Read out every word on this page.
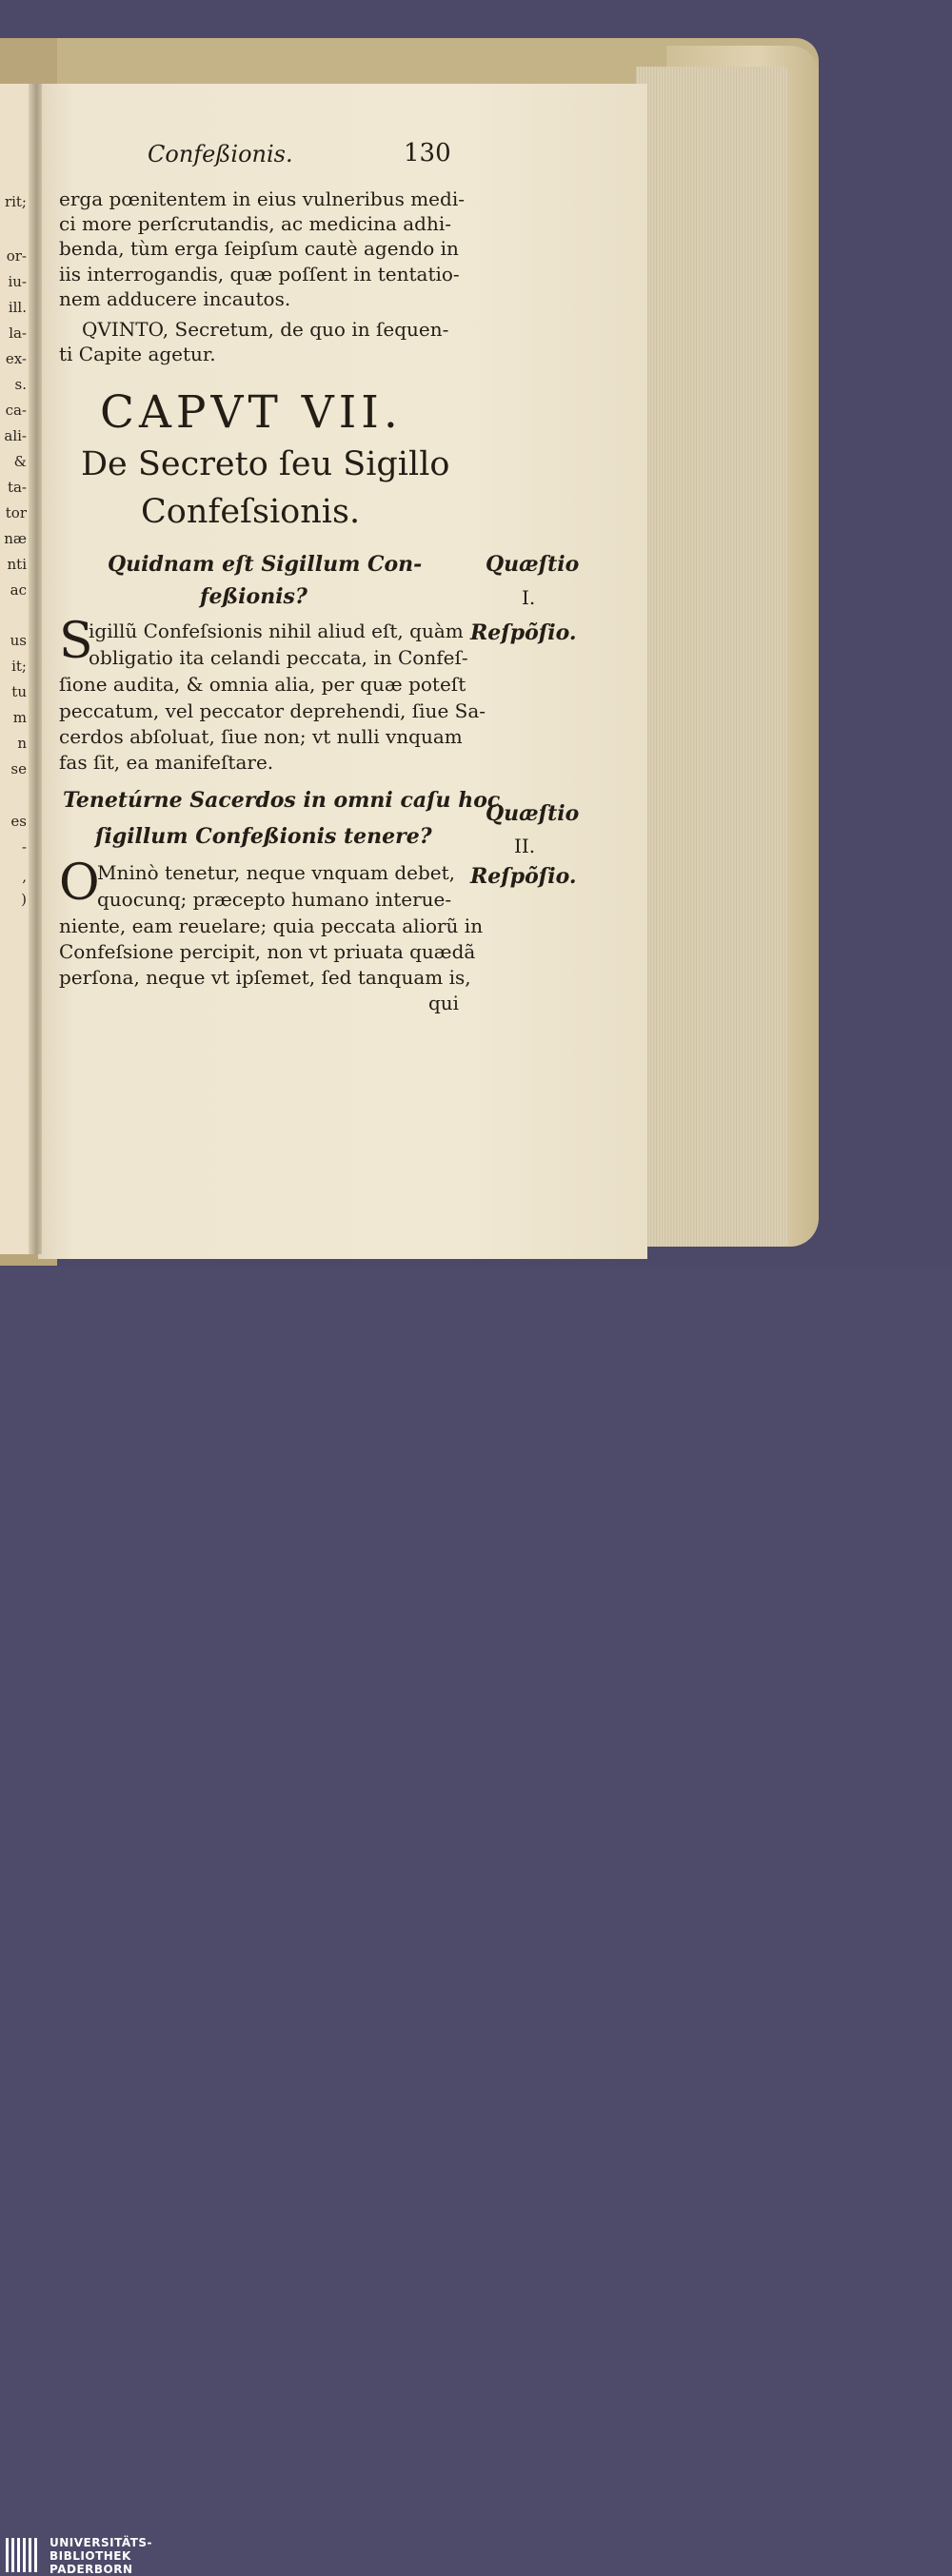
rit;
or-
iu-
ill.
la-
ex-
s.
ca-
ali-
&
ta-
tor
næ
nti
ac
us
it;
tu
m
n
se
es
-
,
)
Confeßionis.	130
erga pœnitentem in eius vulneribus medi-
ci more perſcrutandis, ac medicina adhi-
benda, tùm erga ſeipſum cautè agendo in
iis interrogandis, quæ poſſent in tentatio-
nem adducere incautos.
QVINTO, Secretum, de quo in ſequen-
ti Capite agetur.
CAPVT VII.
De Secreto ſeu Sigillo
Confeſsionis.
Quidnam eſt Sigillum Con-
feßionis?
Quæſtio
I.
Reſpõſio.
S
igillũ Confeſsionis nihil aliud eſt, quàm
obligatio ita celandi peccata, in Confeſ-
ſione audita, & omnia alia, per quæ poteſt
peccatum, vel peccator deprehendi, ſiue Sa-
cerdos abſoluat, ſiue non; vt nulli vnquam
fas ſit, ea manifeſtare.
Tenetúrne Sacerdos in omni caſu hoc
ſigillum Confeßionis tenere?
Quæſtio
II.
Reſpõſio.
O
Mninò tenetur, neque vnquam debet,
quocunq; præcepto humano interue-
niente, eam reuelare; quia peccata aliorũ in
Confeſsione percipit, non vt priuata quædã
perſona, neque vt ipſemet, ſed tanquam is,
qui
UNIVERSITÄTS-
BIBLIOTHEK
PADERBORN
